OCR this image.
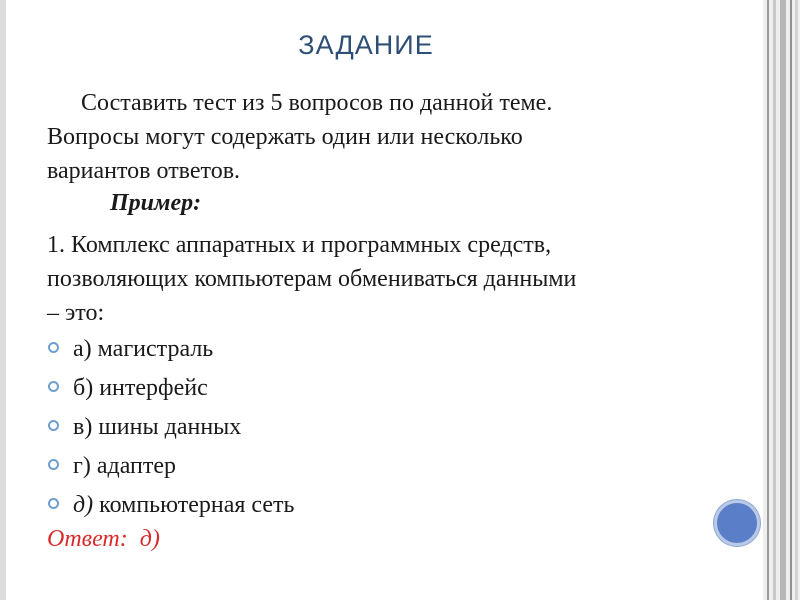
ЗАДАНИЕ
Составить тест из 5 вопросов по данной теме.
Вопросы могут содержать один или несколько
вариантов ответов.
Пример:
1. Комплекс аппаратных и программных средств,
позволяющих компьютерам обмениваться данными
– это:
а) магистраль
б) интерфейс
в) шины данных
г) адаптер
д) компьютерная сеть
Ответ: д)
